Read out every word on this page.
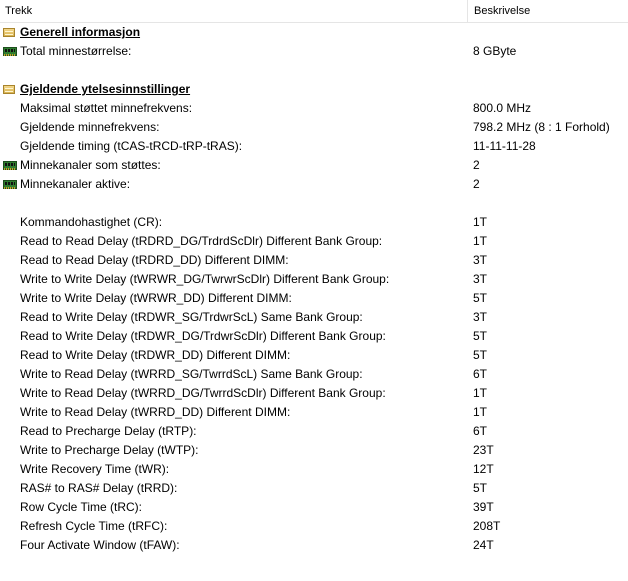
Trekk	Beskrivelse
Generell informasjon
Total minnestørrelse:	8 GByte
Gjeldende ytelsesinnstillinger
Maksimal støttet minnefrekvens:	800.0 MHz
Gjeldende minnefrekvens:	798.2 MHz (8 : 1 Forhold)
Gjeldende timing (tCAS-tRCD-tRP-tRAS):	11-11-11-28
Minnekanaler som støttes:	2
Minnekanaler aktive:	2
Kommandohastighet (CR):	1T
Read to Read Delay (tRDRD_DG/TrdrdScDlr) Different Bank Group:	1T
Read to Read Delay (tRDRD_DD) Different DIMM:	3T
Write to Write Delay (tWRWR_DG/TwrwrScDlr) Different Bank Group:	3T
Write to Write Delay (tWRWR_DD) Different DIMM:	5T
Read to Write Delay (tRDWR_SG/TrdwrScL) Same Bank Group:	3T
Read to Write Delay (tRDWR_DG/TrdwrScDlr) Different Bank Group:	5T
Read to Write Delay (tRDWR_DD) Different DIMM:	5T
Write to Read Delay (tWRRD_SG/TwrrdScL) Same Bank Group:	6T
Write to Read Delay (tWRRD_DG/TwrrdScDlr) Different Bank Group:	1T
Write to Read Delay (tWRRD_DD) Different DIMM:	1T
Read to Precharge Delay (tRTP):	6T
Write to Precharge Delay (tWTP):	23T
Write Recovery Time (tWR):	12T
RAS# to RAS# Delay (tRRD):	5T
Row Cycle Time (tRC):	39T
Refresh Cycle Time (tRFC):	208T
Four Activate Window (tFAW):	24T
